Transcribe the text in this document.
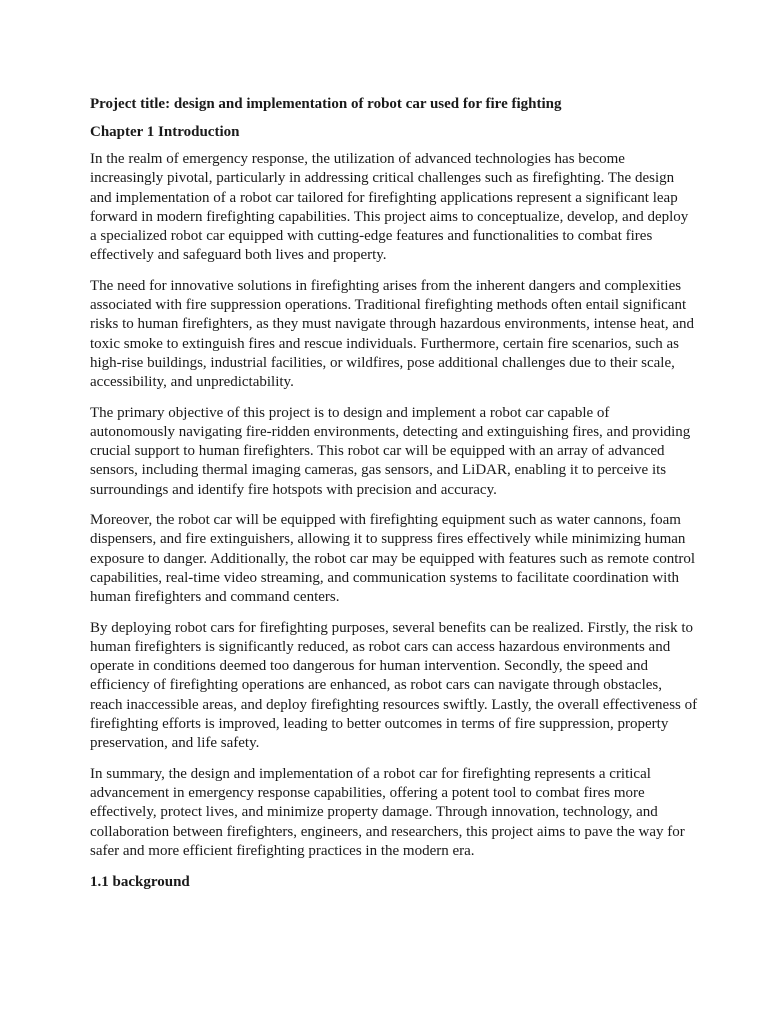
Project title: design and implementation of robot car used for fire fighting
Chapter 1 Introduction

In the realm of emergency response, the utilization of advanced technologies has become increasingly pivotal, particularly in addressing critical challenges such as firefighting. The design and implementation of a robot car tailored for firefighting applications represent a significant leap forward in modern firefighting capabilities. This project aims to conceptualize, develop, and deploy a specialized robot car equipped with cutting-edge features and functionalities to combat fires effectively and safeguard both lives and property.

The need for innovative solutions in firefighting arises from the inherent dangers and complexities associated with fire suppression operations. Traditional firefighting methods often entail significant risks to human firefighters, as they must navigate through hazardous environments, intense heat, and toxic smoke to extinguish fires and rescue individuals. Furthermore, certain fire scenarios, such as high-rise buildings, industrial facilities, or wildfires, pose additional challenges due to their scale, accessibility, and unpredictability.

The primary objective of this project is to design and implement a robot car capable of autonomously navigating fire-ridden environments, detecting and extinguishing fires, and providing crucial support to human firefighters. This robot car will be equipped with an array of advanced sensors, including thermal imaging cameras, gas sensors, and LiDAR, enabling it to perceive its surroundings and identify fire hotspots with precision and accuracy.

Moreover, the robot car will be equipped with firefighting equipment such as water cannons, foam dispensers, and fire extinguishers, allowing it to suppress fires effectively while minimizing human exposure to danger. Additionally, the robot car may be equipped with features such as remote control capabilities, real-time video streaming, and communication systems to facilitate coordination with human firefighters and command centers.

By deploying robot cars for firefighting purposes, several benefits can be realized. Firstly, the risk to human firefighters is significantly reduced, as robot cars can access hazardous environments and operate in conditions deemed too dangerous for human intervention. Secondly, the speed and efficiency of firefighting operations are enhanced, as robot cars can navigate through obstacles, reach inaccessible areas, and deploy firefighting resources swiftly. Lastly, the overall effectiveness of firefighting efforts is improved, leading to better outcomes in terms of fire suppression, property preservation, and life safety.

In summary, the design and implementation of a robot car for firefighting represents a critical advancement in emergency response capabilities, offering a potent tool to combat fires more effectively, protect lives, and minimize property damage. Through innovation, technology, and collaboration between firefighters, engineers, and researchers, this project aims to pave the way for safer and more efficient firefighting practices in the modern era.

1.1 background
